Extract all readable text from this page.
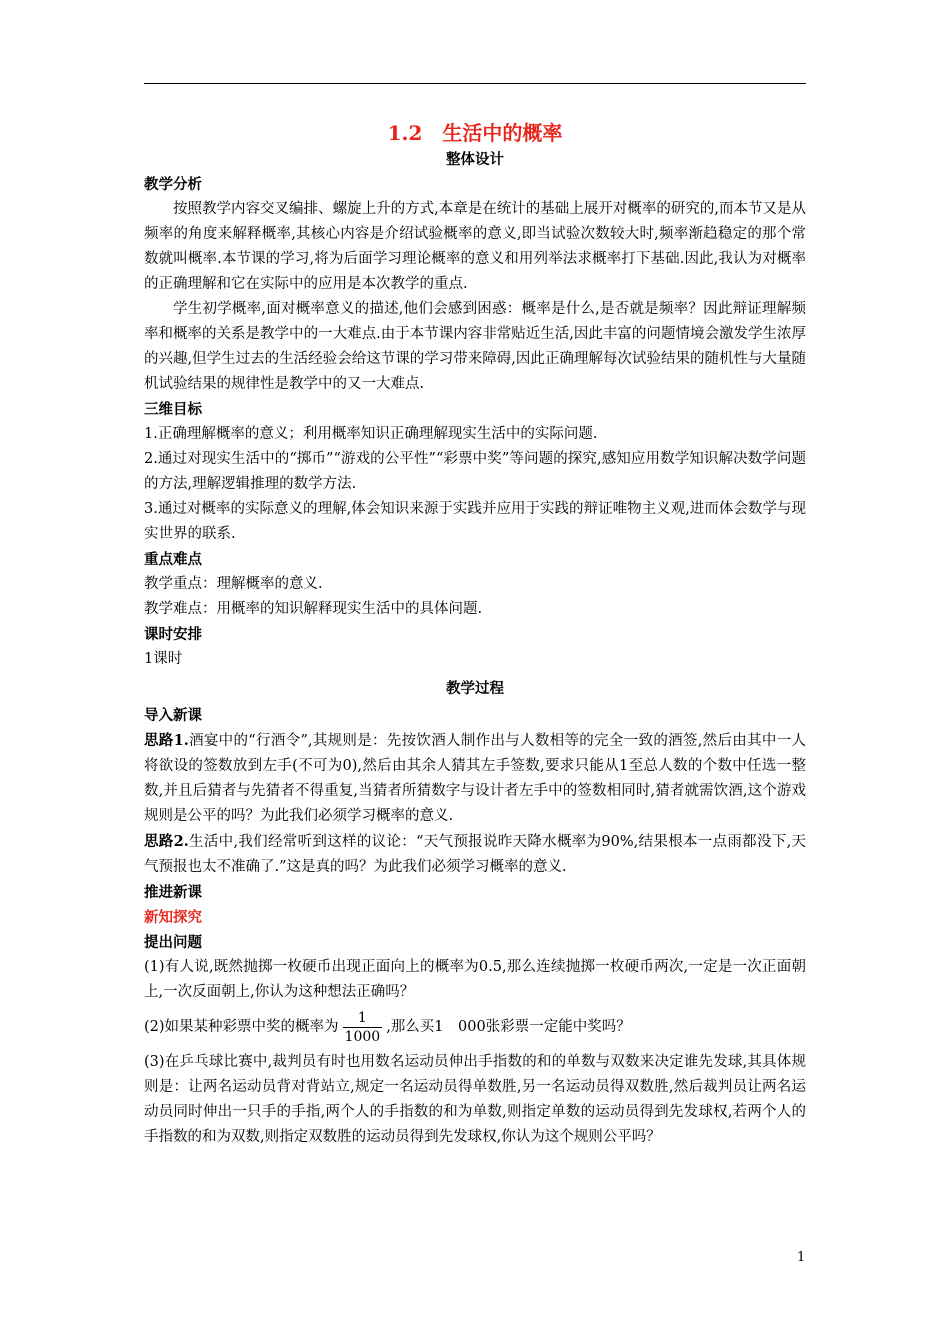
1.2　生活中的概率
整体设计
教学分析

按照教学内容交叉编排、螺旋上升的方式,本章是在统计的基础上展开对概率的研究的,而本节又是从频率的角度来解释概率,其核心内容是介绍试验概率的意义,即当试验次数较大时,频率渐趋稳定的那个常数就叫概率.本节课的学习,将为后面学习理论概率的意义和用列举法求概率打下基础.因此,我认为对概率的正确理解和它在实际中的应用是本次教学的重点.

学生初学概率,面对概率意义的描述,他们会感到困惑：概率是什么,是否就是频率？因此辩证理解频率和概率的关系是教学中的一大难点.由于本节课内容非常贴近生活,因此丰富的问题情境会激发学生浓厚的兴趣,但学生过去的生活经验会给这节课的学习带来障碍,因此正确理解每次试验结果的随机性与大量随机试验结果的规律性是教学中的又一大难点.

三维目标

1.正确理解概率的意义；利用概率知识正确理解现实生活中的实际问题.

2.通过对现实生活中的“掷币”“游戏的公平性”“彩票中奖”等问题的探究,感知应用数学知识解决数学问题的方法,理解逻辑推理的数学方法.

3.通过对概率的实际意义的理解,体会知识来源于实践并应用于实践的辩证唯物主义观,进而体会数学与现实世界的联系.

重点难点

教学重点：理解概率的意义.

教学难点：用概率的知识解释现实生活中的具体问题.

课时安排

1课时

教学过程
导入新课

思路1.酒宴中的“行酒令”,其规则是：先按饮酒人制作出与人数相等的完全一致的酒签,然后由其中一人将欲设的签数放到左手(不可为0),然后由其余人猜其左手签数,要求只能从1至总人数的个数中任选一整数,并且后猜者与先猜者不得重复,当猜者所猜数字与设计者左手中的签数相同时,猜者就需饮酒,这个游戏规则是公平的吗？为此我们必须学习概率的意义.

思路2.生活中,我们经常听到这样的议论：“天气预报说昨天降水概率为90%,结果根本一点雨都没下,天气预报也太不准确了.”这是真的吗？为此我们必须学习概率的意义.

推进新课
新知探究
提出问题

(1)有人说,既然抛掷一枚硬币出现正面向上的概率为0.5,那么连续抛掷一枚硬币两次,一定是一次正面朝上,一次反面朝上,你认为这种想法正确吗？

(2)如果某种彩票中奖的概率为 $\frac{1}{1000}$ ,那么买1　000张彩票一定能中奖吗？

(3)在乒乓球比赛中,裁判员有时也用数名运动员伸出手指数的和的单数与双数来决定谁先发球,其具体规则是：让两名运动员背对背站立,规定一名运动员得单数胜,另一名运动员得双数胜,然后裁判员让两名运动员同时伸出一只手的手指,两个人的手指数的和为单数,则指定单数的运动员得到先发球权,若两个人的手指数的和为双数,则指定双数胜的运动员得到先发球权,你认为这个规则公平吗？

1
